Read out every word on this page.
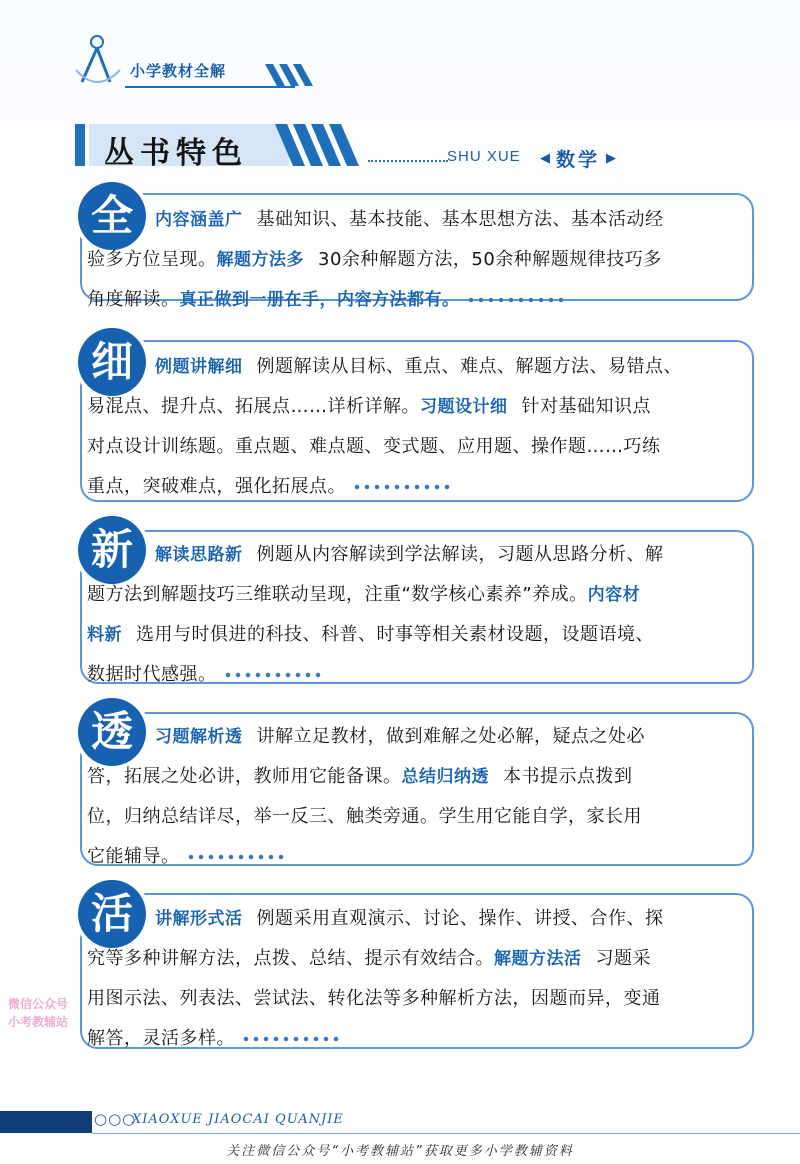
小学教材全解
丛书特色	SHU XUE ◀ 数学 ▶
全
细
新
透
活
内容涵盖广 基础知识、基本技能、基本思想方法、基本活动经
验多方位呈现。解题方法多 30余种解题方法，50余种解题规律技巧多
角度解读。真正做到一册在手，内容方法都有。
例题讲解细 例题解读从目标、重点、难点、解题方法、易错点、
易混点、提升点、拓展点……详析详解。习题设计细 针对基础知识点
对点设计训练题。重点题、难点题、变式题、应用题、操作题……巧练
重点，突破难点，强化拓展点。
解读思路新 例题从内容解读到学法解读，习题从思路分析、解
题方法到解题技巧三维联动呈现，注重“数学核心素养”养成。内容材
料新 选用与时俱进的科技、科普、时事等相关素材设题，设题语境、
数据时代感强。
习题解析透 讲解立足教材，做到难解之处必解，疑点之处必
答，拓展之处必讲，教师用它能备课。总结归纳透 本书提示点拨到
位，归纳总结详尽，举一反三、触类旁通。学生用它能自学，家长用
它能辅导。
讲解形式活 例题采用直观演示、讨论、操作、讲授、合作、探
究等多种讲解方法，点拨、总结、提示有效结合。解题方法活 习题采
用图示法、列表法、尝试法、转化法等多种解析方法，因题而异，变通
解答，灵活多样。
微信公众号
小考教辅站
○○○
XIAOXUE JIAOCAI QUANJIE
关注微信公众号“小考教辅站”获取更多小学教辅资料
